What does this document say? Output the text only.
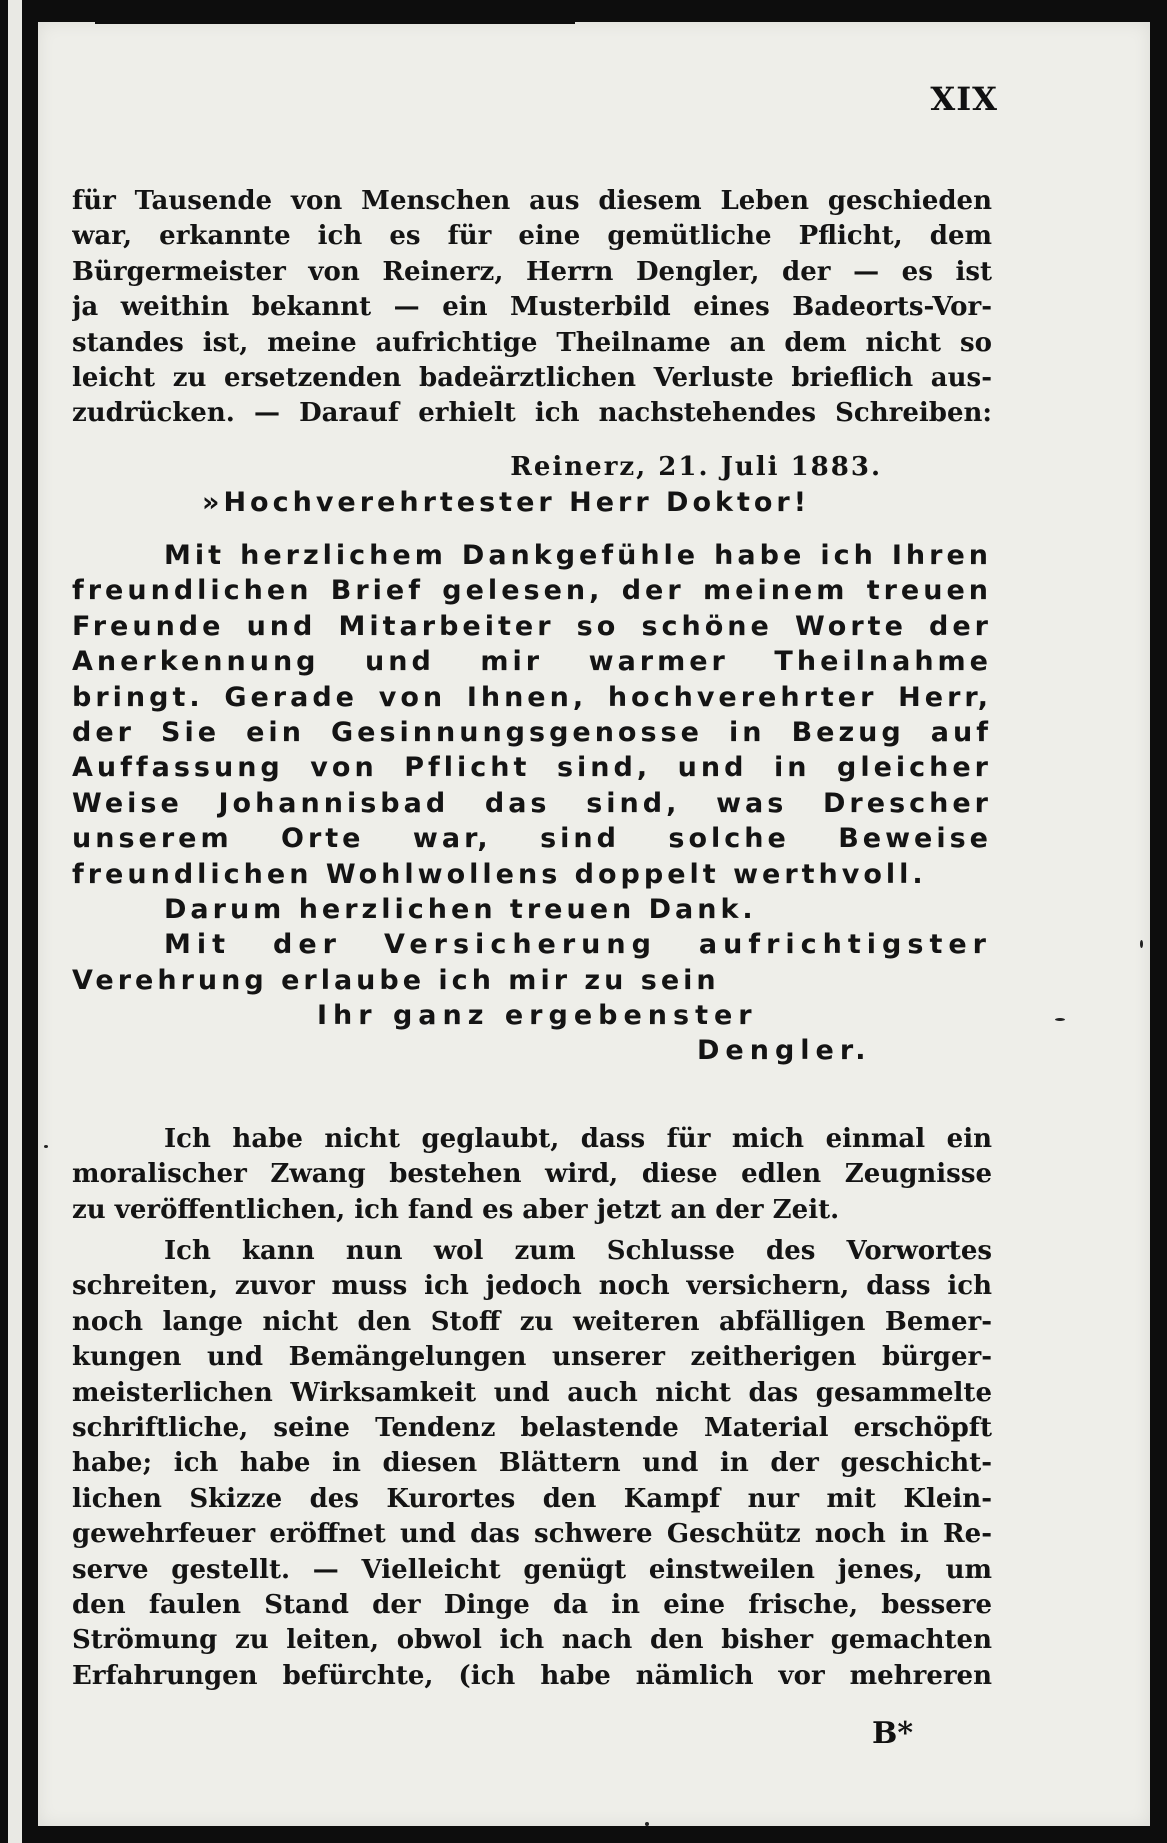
XIX
für Tausende von Menschen aus diesem Leben geschieden
war, erkannte ich es für eine gemütliche Pflicht, dem
Bürgermeister von Reinerz, Herrn Dengler, der — es ist
ja weithin bekannt — ein Musterbild eines Badeorts-Vor-
standes ist, meine aufrichtige Theilname an dem nicht so
leicht zu ersetzenden badeärztlichen Verluste brieflich aus-
zudrücken. — Darauf erhielt ich nachstehendes Schreiben:
Reinerz, 21. Juli 1883.
»Hochverehrtester Herr Doktor!
Mit herzlichem Dankgefühle habe ich Ihren
freundlichen Brief gelesen, der meinem treuen
Freunde und Mitarbeiter so schöne Worte der
Anerkennung und mir warmer Theilnahme
bringt. Gerade von Ihnen, hochverehrter Herr,
der Sie ein Gesinnungsgenosse in Bezug auf
Auffassung von Pflicht sind, und in gleicher
Weise Johannisbad das sind, was Drescher
unserem Orte war, sind solche Beweise
freundlichen Wohlwollens doppelt werthvoll.
Darum herzlichen treuen Dank.
Mit der Versicherung aufrichtigster
Verehrung erlaube ich mir zu sein
Ihr ganz ergebenster
Dengler.
Ich habe nicht geglaubt, dass für mich einmal ein
moralischer Zwang bestehen wird, diese edlen Zeugnisse
zu veröffentlichen, ich fand es aber jetzt an der Zeit.
Ich kann nun wol zum Schlusse des Vorwortes
schreiten, zuvor muss ich jedoch noch versichern, dass ich
noch lange nicht den Stoff zu weiteren abfälligen Bemer-
kungen und Bemängelungen unserer zeitherigen bürger-
meisterlichen Wirksamkeit und auch nicht das gesammelte
schriftliche, seine Tendenz belastende Material erschöpft
habe; ich habe in diesen Blättern und in der geschicht-
lichen Skizze des Kurortes den Kampf nur mit Klein-
gewehrfeuer eröffnet und das schwere Geschütz noch in Re-
serve gestellt. — Vielleicht genügt einstweilen jenes, um
den faulen Stand der Dinge da in eine frische, bessere
Strömung zu leiten, obwol ich nach den bisher gemachten
Erfahrungen befürchte, (ich habe nämlich vor mehreren
B*
